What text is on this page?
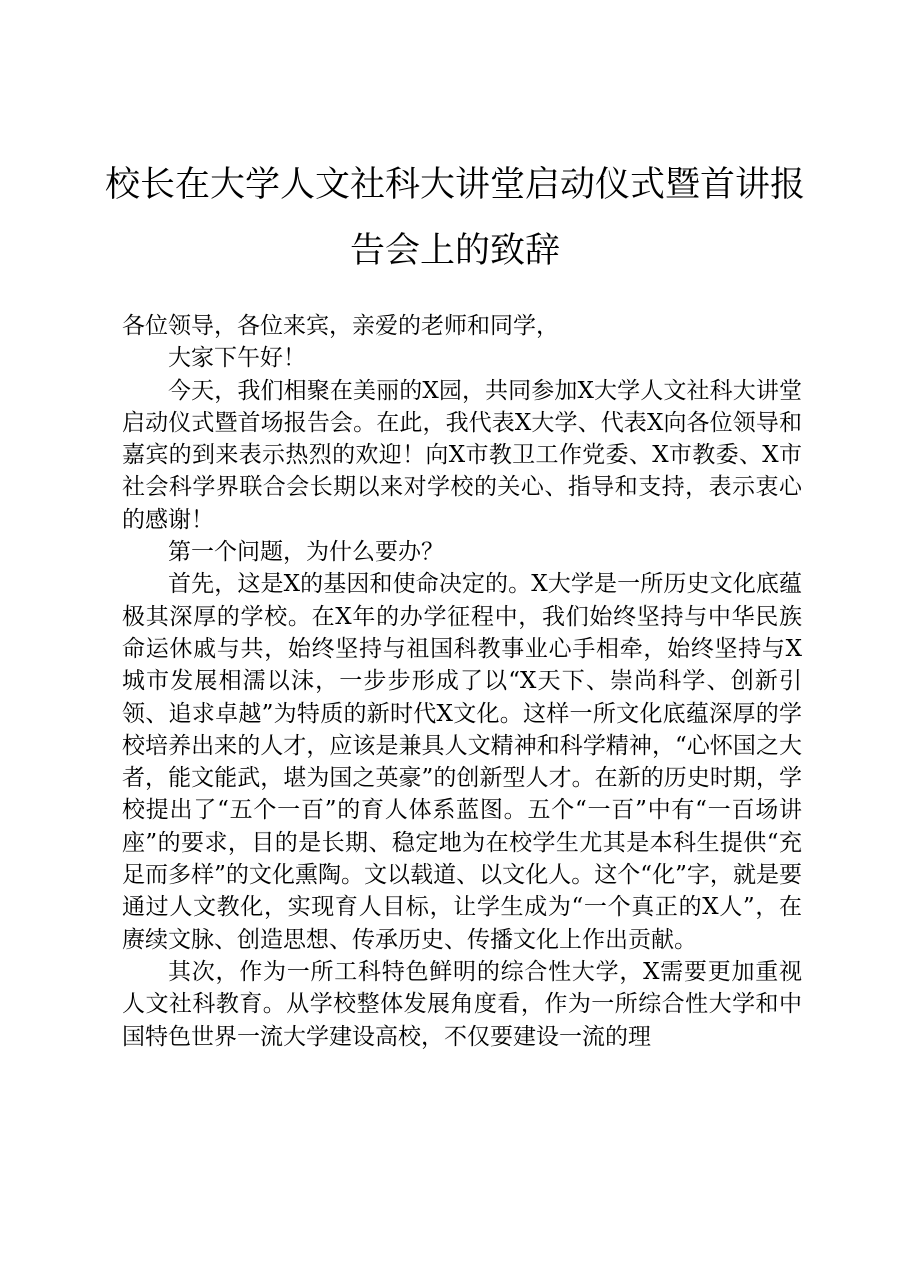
校长在大学人文社科大讲堂启动仪式暨首讲报告会上的致辞

各位领导，各位来宾，亲爱的老师和同学，

大家下午好！

今天，我们相聚在美丽的X园，共同参加X大学人文社科大讲堂启动仪式暨首场报告会。在此，我代表X大学、代表X向各位领导和嘉宾的到来表示热烈的欢迎！向X市教卫工作党委、X市教委、X市社会科学界联合会长期以来对学校的关心、指导和支持，表示衷心的感谢！

第一个问题，为什么要办？

首先，这是X的基因和使命决定的。X大学是一所历史文化底蕴极其深厚的学校。在X年的办学征程中，我们始终坚持与中华民族命运休戚与共，始终坚持与祖国科教事业心手相牵，始终坚持与X城市发展相濡以沫，一步步形成了以“X天下、崇尚科学、创新引领、追求卓越”为特质的新时代X文化。这样一所文化底蕴深厚的学校培养出来的人才，应该是兼具人文精神和科学精神，“心怀国之大者，能文能武，堪为国之英豪”的创新型人才。在新的历史时期，学校提出了“五个一百”的育人体系蓝图。五个“一百”中有“一百场讲座”的要求，目的是长期、稳定地为在校学生尤其是本科生提供“充足而多样”的文化熏陶。文以载道、以文化人。这个“化”字，就是要通过人文教化，实现育人目标，让学生成为“一个真正的X人”，在赓续文脉、创造思想、传承历史、传播文化上作出贡献。

其次，作为一所工科特色鲜明的综合性大学，X需要更加重视人文社科教育。从学校整体发展角度看，作为一所综合性大学和中国特色世界一流大学建设高校，不仅要建设一流的理
